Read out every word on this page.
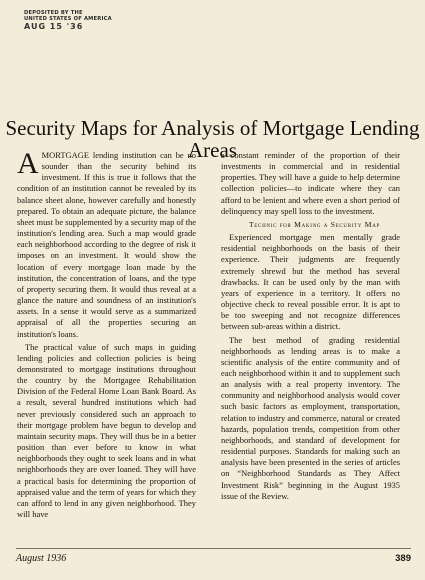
DEPOSITED BY THE
UNITED STATES OF AMERICA
AUG 15 '36
Security Maps for Analysis of Mortgage Lending Areas

AMORTGAGE lending institution can be no sounder than the security behind its investment. If this is true it follows that the condition of an institution cannot be revealed by its balance sheet alone, however carefully and honestly prepared. To obtain an adequate picture, the balance sheet must be supplemented by a security map of the institution's lending area. Such a map would grade each neighborhood according to the degree of risk it imposes on an investment. It would show the location of every mortgage loan made by the institution, the concentration of loans, and the type of property securing them. It would thus reveal at a glance the nature and soundness of an institution's assets. In a sense it would serve as a summarized appraisal of all the properties securing an institution's loans.

The practical value of such maps in guiding lending policies and collection policies is being demonstrated to mortgage institutions throughout the country by the Mortgagee Rehabilitation Division of the Federal Home Loan Bank Board. As a result, several hundred institutions which had never previously considered such an approach to their mortgage problem have begun to develop and maintain security maps. They will thus be in a better position than ever before to know in what neighborhoods they ought to seek loans and in what neighborhoods they are over loaned. They will have a practical basis for determining the proportion of appraised value and the term of years for which they can afford to lend in any given neighborhood. They will have

a constant reminder of the proportion of their investments in commercial and in residential properties. They will have a guide to help determine collection policies—to indicate where they can afford to be lenient and where even a short period of delinquency may spell loss to the investment.

Technic for Making a Security Map

Experienced mortgage men mentally grade residential neighborhoods on the basis of their experience. Their judgments are frequently extremely shrewd but the method has several drawbacks. It can be used only by the man with years of experience in a territory. It offers no objective check to reveal possible error. It is apt to be too sweeping and not recognize differences between sub-areas within a district.

The best method of grading residential neighborhoods as lending areas is to make a scientific analysis of the entire community and of each neighborhood within it and to supplement such an analysis with a real property inventory. The community and neighborhood analysis would cover such basic factors as employment, transportation, relation to industry and commerce, natural or created hazards, population trends, competition from other neighborhoods, and standard of development for residential purposes. Standards for making such an analysis have been presented in the series of articles on “Neighborhood Standards as They Affect Investment Risk” beginning in the August 1935 issue of the Review.

August 1936	389
